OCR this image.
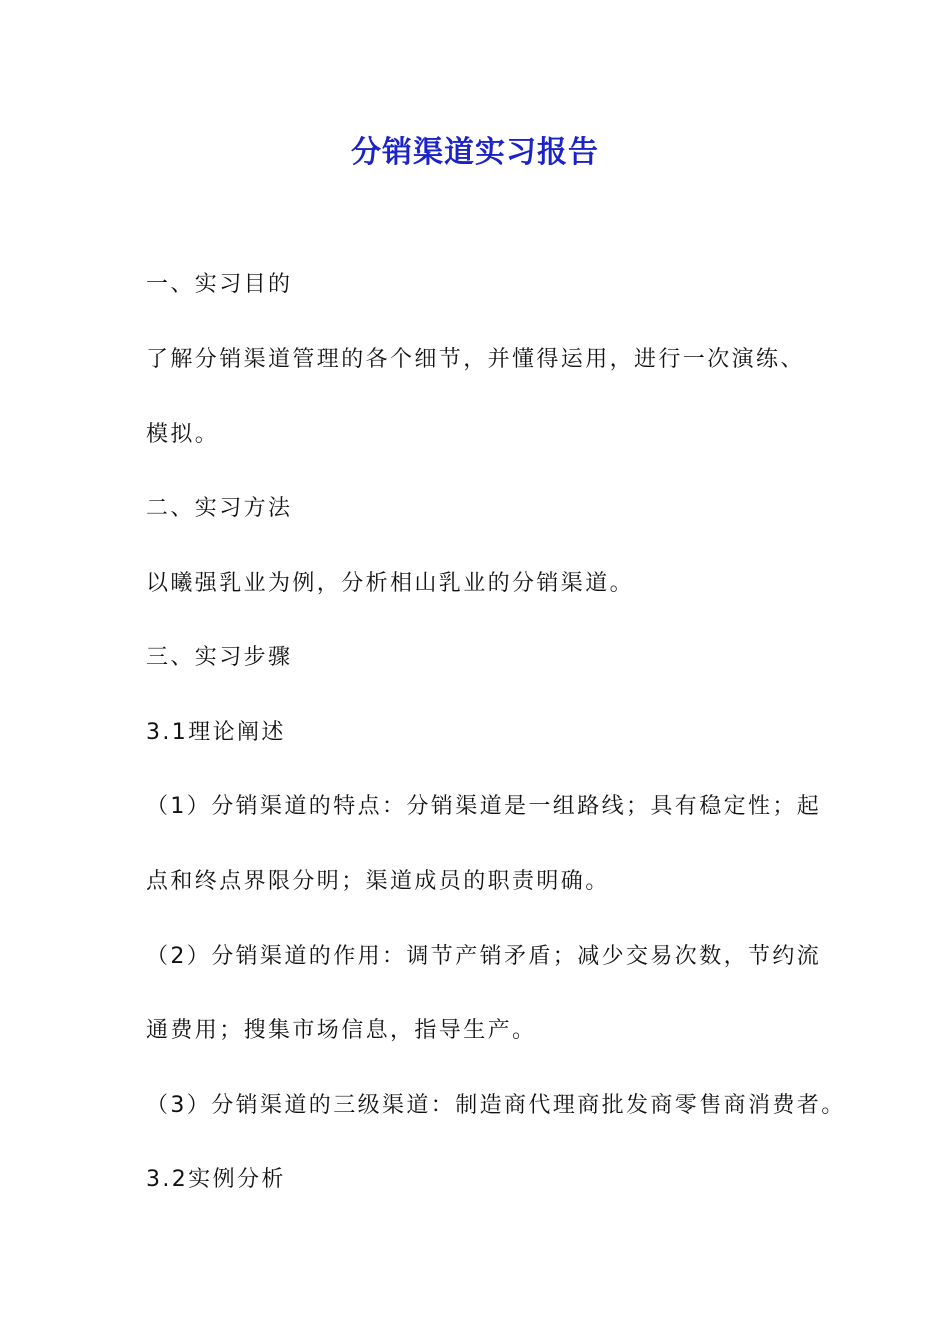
分销渠道实习报告
一、实习目的
了解分销渠道管理的各个细节，并懂得运用，进行一次演练、
模拟。
二、实习方法
以曦强乳业为例，分析相山乳业的分销渠道。
三、实习步骤
3.1理论阐述
（1）分销渠道的特点：分销渠道是一组路线；具有稳定性；起
点和终点界限分明；渠道成员的职责明确。
（2）分销渠道的作用：调节产销矛盾；减少交易次数，节约流
通费用；搜集市场信息，指导生产。
（3）分销渠道的三级渠道：制造商代理商批发商零售商消费者。
3.2实例分析
